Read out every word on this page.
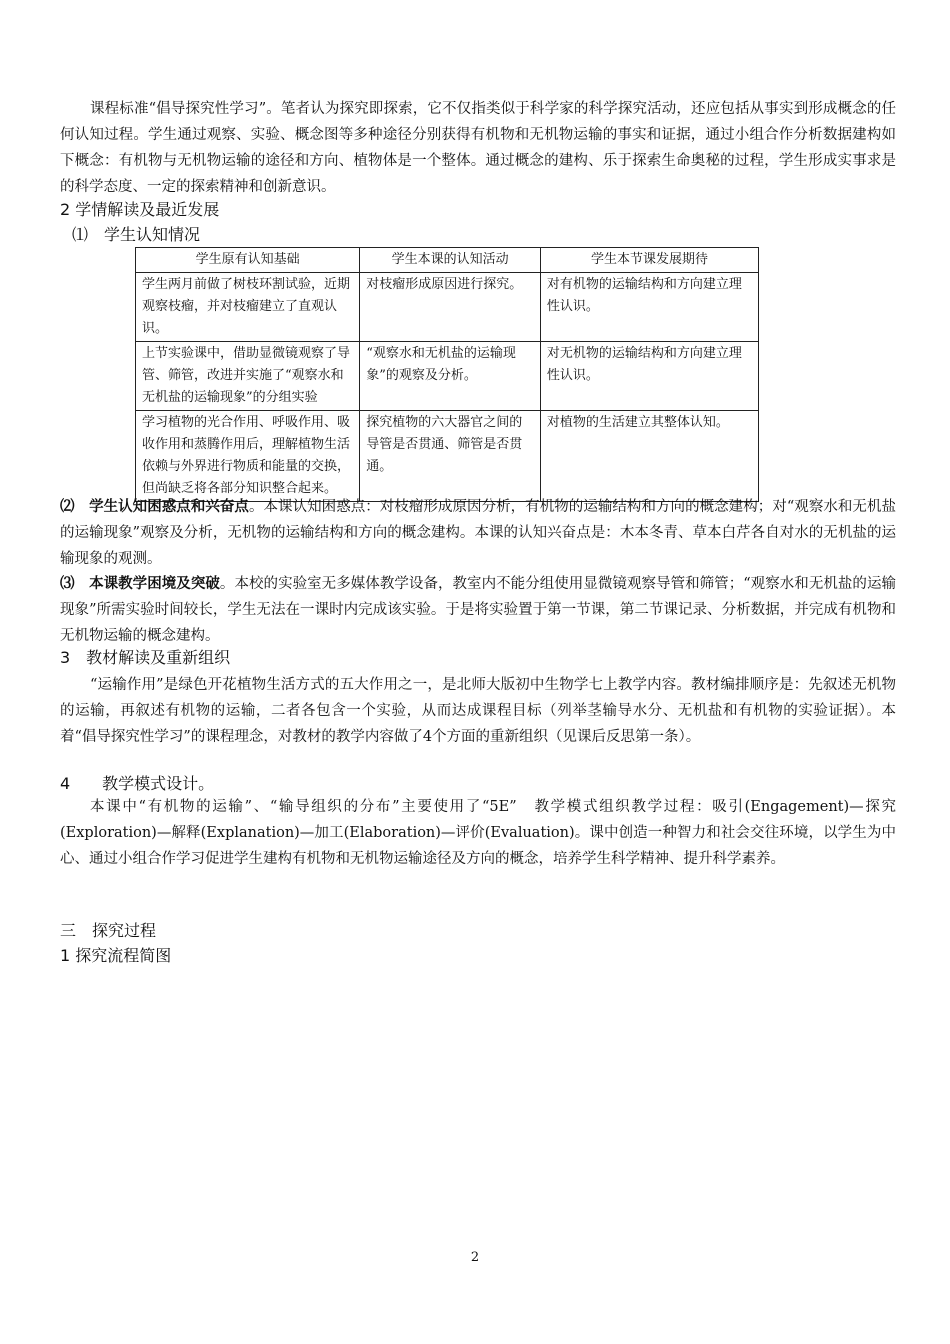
课程标准“倡导探究性学习”。笔者认为探究即探索，它不仅指类似于科学家的科学探究活动，还应包括从事实到形成概念的任何认知过程。学生通过观察、实验、概念图等多种途径分别获得有机物和无机物运输的事实和证据，通过小组合作分析数据建构如下概念：有机物与无机物运输的途径和方向、植物体是一个整体。通过概念的建构、乐于探索生命奥秘的过程，学生形成实事求是的科学态度、一定的探索精神和创新意识。

2 学情解读及最近发展
⑴　学生认知情况
学生原有认知基础	学生本课的认知活动	学生本节课发展期待
学生两月前做了树枝环割试验，近期观察枝瘤，并对枝瘤建立了直观认识。	对枝瘤形成原因进行探究。	对有机物的运输结构和方向建立理性认识。
上节实验课中，借助显微镜观察了导管、筛管，改进并实施了“观察水和无机盐的运输现象”的分组实验	“观察水和无机盐的运输现象”的观察及分析。	对无机物的运输结构和方向建立理性认识。
学习植物的光合作用、呼吸作用、吸收作用和蒸腾作用后，理解植物生活依赖与外界进行物质和能量的交换，但尚缺乏将各部分知识整合起来。	探究植物的六大器官之间的导管是否贯通、筛管是否贯通。	对植物的生活建立其整体认知。

⑵　学生认知困惑点和兴奋点。本课认知困惑点：对枝瘤形成原因分析，有机物的运输结构和方向的概念建构；对“观察水和无机盐的运输现象”观察及分析，无机物的运输结构和方向的概念建构。本课的认知兴奋点是：木本冬青、草本白芹各自对水的无机盐的运输现象的观测。

⑶　本课教学困境及突破。本校的实验室无多媒体教学设备，教室内不能分组使用显微镜观察导管和筛管；“观察水和无机盐的运输现象”所需实验时间较长，学生无法在一课时内完成该实验。于是将实验置于第一节课，第二节课记录、分析数据，并完成有机物和无机物运输的概念建构。

3　教材解读及重新组织

“运输作用”是绿色开花植物生活方式的五大作用之一，是北师大版初中生物学七上教学内容。教材编排顺序是：先叙述无机物的运输，再叙述有机物的运输，二者各包含一个实验，从而达成课程目标（列举茎输导水分、无机盐和有机物的实验证据）。本着“倡导探究性学习”的课程理念，对教材的教学内容做了4个方面的重新组织（见课后反思第一条）。

4　　教学模式设计。

本课中“有机物的运输”、“输导组织的分布”主要使用了“5E”　教学模式组织教学过程：吸引(Engagement)—探究(Exploration)—解释(Explanation)—加工(Elaboration)—评价(Evaluation)。课中创造一种智力和社会交往环境，以学生为中心、通过小组合作学习促进学生建构有机物和无机物运输途径及方向的概念，培养学生科学精神、提升科学素养。

三　探究过程
1 探究流程简图
2
